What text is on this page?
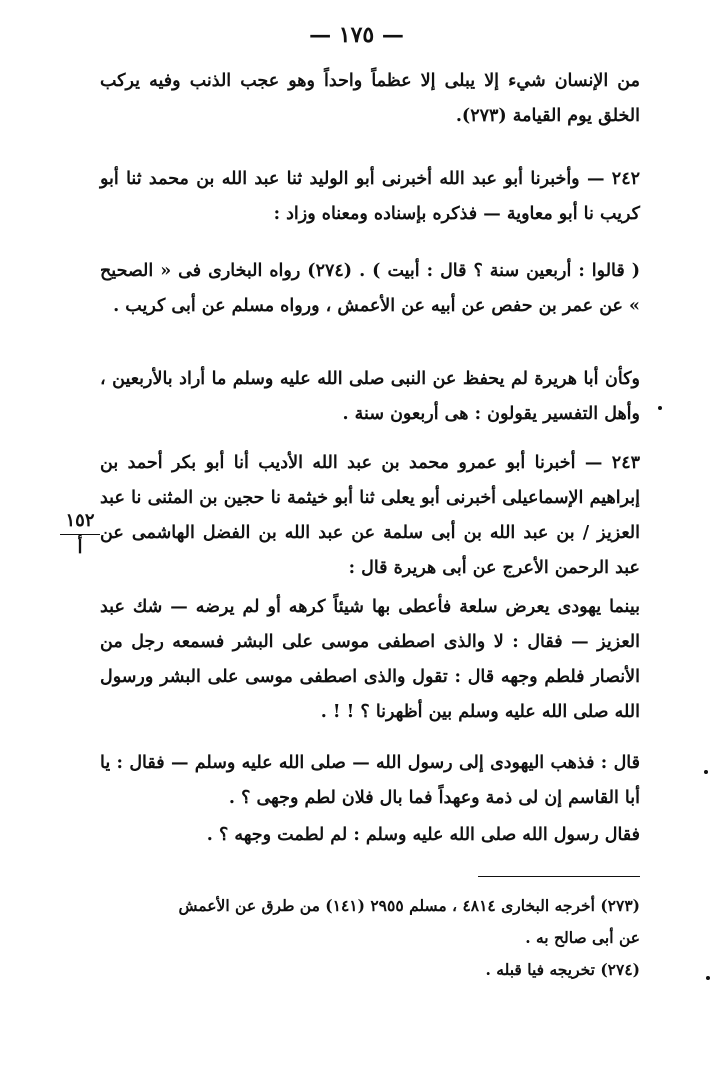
— ١٧٥ —
من الإنسان شيء إلا يبلى إلا عظماً واحداً وهو عجب الذنب وفيه يركب الخلق يوم القيامة (٢٧٣).
٢٤٢ — وأخبرنا أبو عبد الله أخبرنى أبو الوليد ثنا عبد الله بن محمد ثنا أبو كريب نا أبو معاوية — فذكره بإسناده ومعناه وزاد :
( قالوا : أربعين سنة ؟ قال : أبيت ) . (٢٧٤) رواه البخارى فى « الصحيح » عن عمر بن حفص عن أبيه عن الأعمش ، ورواه مسلم عن أبى كريب .
وكأن أبا هريرة لم يحفظ عن النبى صلى الله عليه وسلم ما أراد بالأربعين ، وأهل التفسير يقولون : هى أربعون سنة .
٢٤٣ — أخبرنا أبو عمرو محمد بن عبد الله الأديب أنا أبو بكر أحمد بن إبراهيم الإسماعيلى أخبرنى أبو يعلى ثنا أبو خيثمة نا حجين بن المثنى نا عبد العزيز / بن عبد الله بن أبى سلمة عن عبد الله بن الفضل الهاشمى عن عبد الرحمن الأعرج عن أبى هريرة قال :
بينما يهودى يعرض سلعة فأعطى بها شيئاً كرهه أو لم يرضه — شك عبد العزيز — فقال : لا والذى اصطفى موسى على البشر فسمعه رجل من الأنصار فلطم وجهه قال : تقول والذى اصطفى موسى على البشر ورسول الله صلى الله عليه وسلم بين أظهرنا ؟ ! ! .
قال : فذهب اليهودى إلى رسول الله — صلى الله عليه وسلم — فقال : يا أبا القاسم إن لى ذمة وعهداً فما بال فلان لطم وجهى ؟ .
فقال رسول الله صلى الله عليه وسلم : لم لطمت وجهه ؟ .
١٥٢
أ
(٢٧٣) أخرجه البخارى ٤٨١٤ ، مسلم ٢٩٥٥ (١٤١) من طرق عن الأعمش
عن أبى صالح به .
(٢٧٤) تخريجه فيا قبله .
